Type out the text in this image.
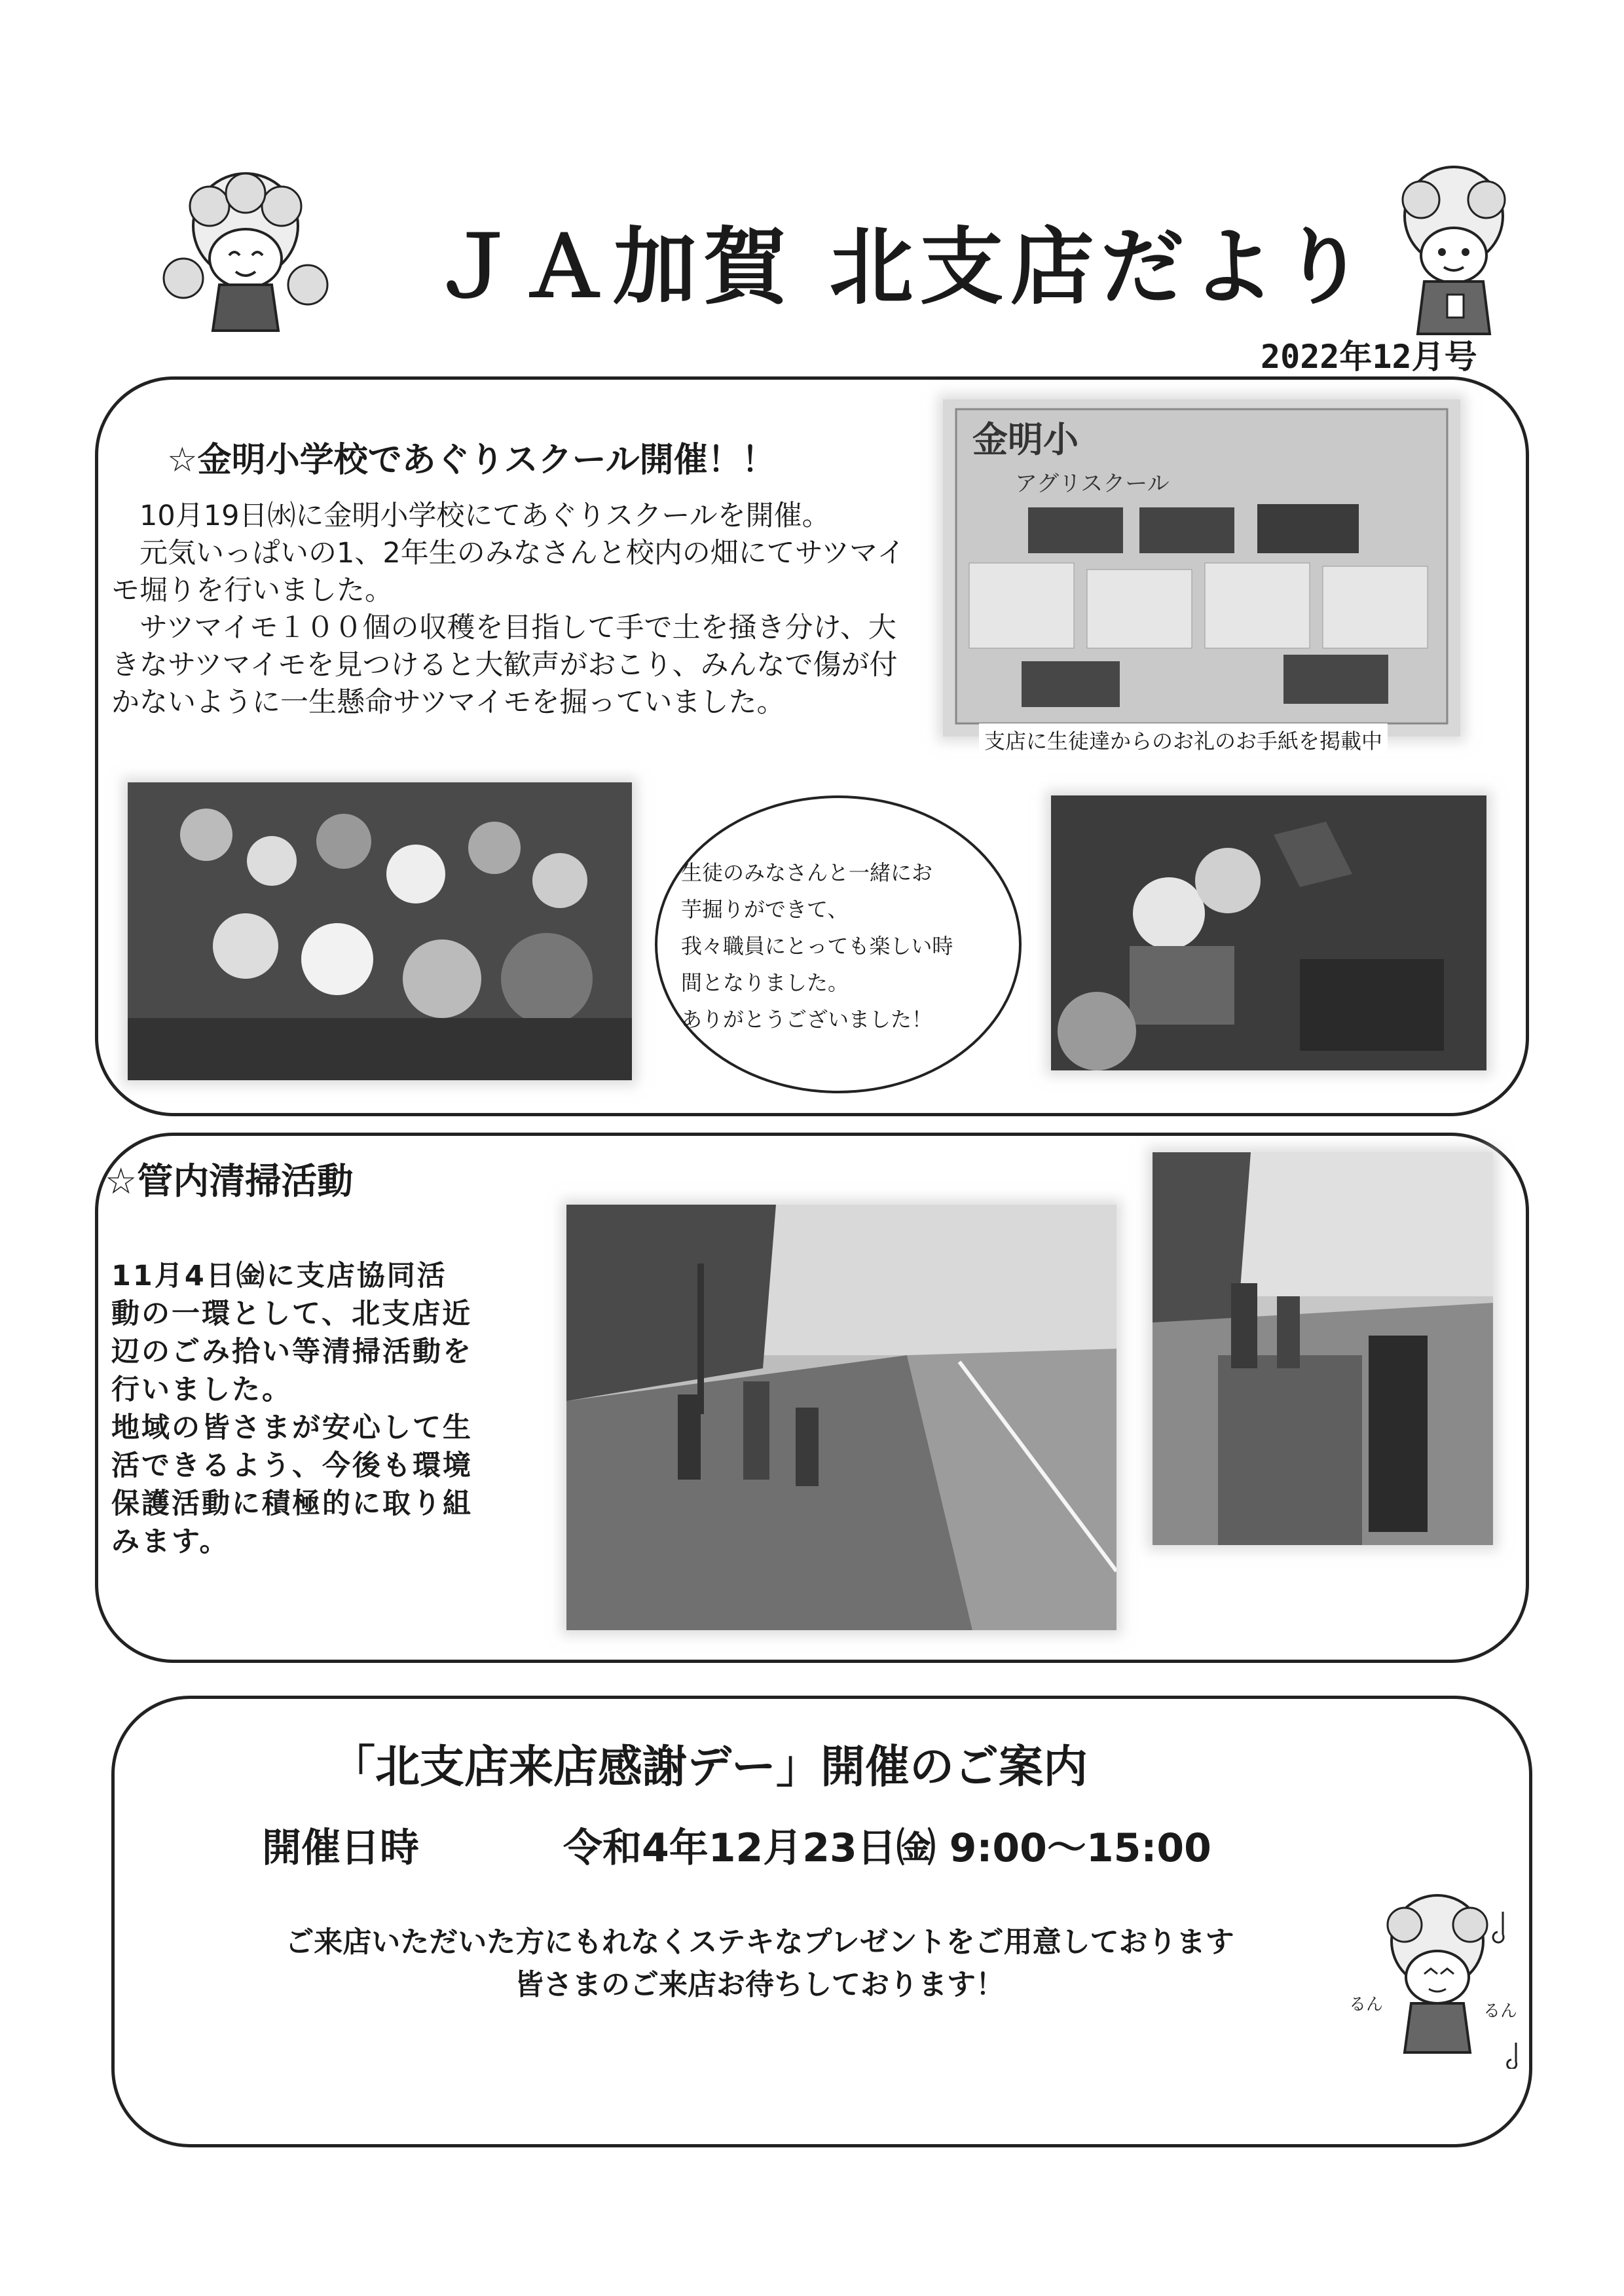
ＪＡ加賀 北支店だより
2022年12月号
☆金明小学校であぐりスクール開催！！
　10月19日㈬に金明小学校にてあぐりスクールを開催。
　元気いっぱいの1、2年生のみなさんと校内の畑にてサツマイモ堀りを行いました。
　サツマイモ１００個の収穫を目指して手で土を掻き分け、大きなサツマイモを見つけると大歓声がおこり、みんなで傷が付かないように一生懸命サツマイモを掘っていました。
金明小
アグリスクール
支店に生徒達からのお礼のお手紙を掲載中
生徒のみなさんと一緒にお
芋掘りができて、
我々職員にとっても楽しい時
間となりました。
ありがとうございました！
☆管内清掃活動
11月4日㈮に支店協同活
動の一環として、北支店近
辺のごみ拾い等清掃活動を
行いました。
地域の皆さまが安心して生
活できるよう、今後も環境
保護活動に積極的に取り組
みます。
「北支店来店感謝デー」開催のご案内
開催日時	令和4年12月23日㈮ 9:00～15:00
ご来店いただいた方にもれなくステキなプレゼントをご用意しております
皆さまのご来店お待ちしております！
るん	るん
